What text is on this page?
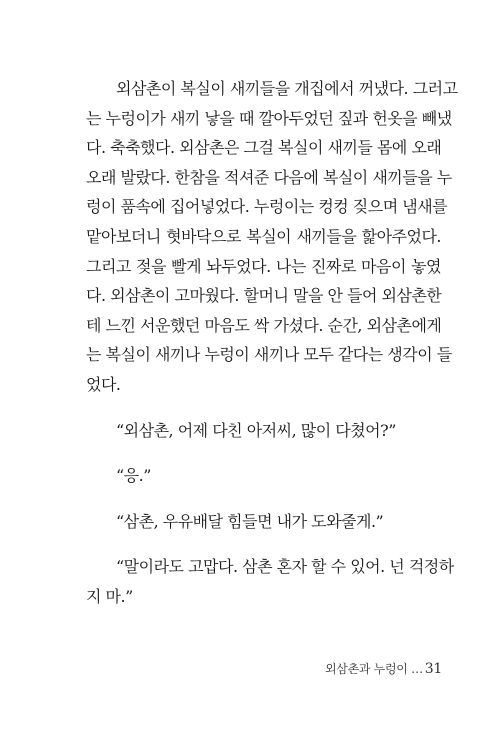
외삼촌이 복실이 새끼들을 개집에서 꺼냈다. 그러고
는 누렁이가 새끼 낳을 때 깔아두었던 짚과 헌옷을 빼냈
다. 축축했다. 외삼촌은 그걸 복실이 새끼들 몸에 오래
오래 발랐다. 한참을 적셔준 다음에 복실이 새끼들을 누
렁이 품속에 집어넣었다. 누렁이는 컹컹 짖으며 냄새를
맡아보더니 혓바닥으로 복실이 새끼들을 핥아주었다.
그리고 젖을 빨게 놔두었다. 나는 진짜로 마음이 놓였
다. 외삼촌이 고마웠다. 할머니 말을 안 들어 외삼촌한
테 느낀 서운했던 마음도 싹 가셨다. 순간, 외삼촌에게
는 복실이 새끼나 누렁이 새끼나 모두 같다는 생각이 들
었다.
“외삼촌, 어제 다친 아저씨, 많이 다쳤어?”
“응.”
“삼촌, 우유배달 힘들면 내가 도와줄게.”
“말이라도 고맙다. 삼촌 혼자 할 수 있어. 넌 걱정하
지 마.”
외삼촌과 누렁이 … 31
